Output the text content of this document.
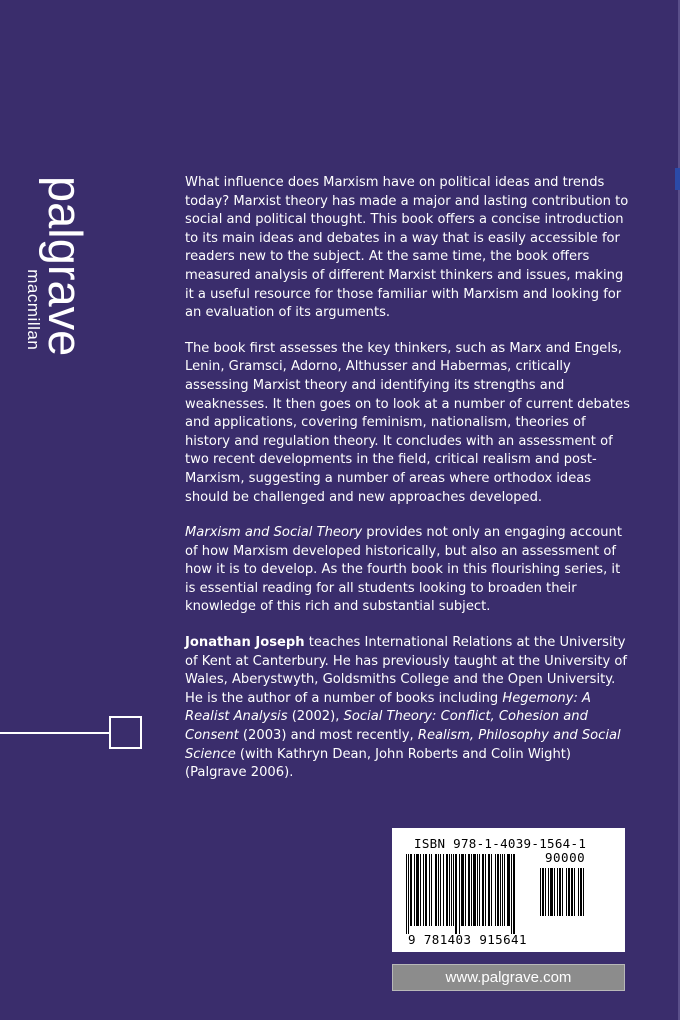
palgrave
macmillan

What influence does Marxism have on political ideas and trends today? Marxist theory has made a major and lasting contribution to social and political thought. This book offers a concise introduction to its main ideas and debates in a way that is easily accessible for readers new to the subject. At the same time, the book offers measured analysis of different Marxist thinkers and issues, making it a useful resource for those familiar with Marxism and looking for an evaluation of its arguments.

The book first assesses the key thinkers, such as Marx and Engels, Lenin, Gramsci, Adorno, Althusser and Habermas, critically assessing Marxist theory and identifying its strengths and weaknesses. It then goes on to look at a number of current debates and applications, covering feminism, nationalism, theories of history and regulation theory. It concludes with an assessment of two recent developments in the field, critical realism and post-Marxism, suggesting a number of areas where orthodox ideas should be challenged and new approaches developed.

Marxism and Social Theory provides not only an engaging account of how Marxism developed historically, but also an assessment of how it is to develop. As the fourth book in this flourishing series, it is essential reading for all students looking to broaden their knowledge of this rich and substantial subject.

Jonathan Joseph teaches International Relations at the University of Kent at Canterbury. He has previously taught at the University of Wales, Aberystwyth, Goldsmiths College and the Open University. He is the author of a number of books including Hegemony: A Realist Analysis (2002), Social Theory: Conflict, Cohesion and Consent (2003) and most recently, Realism, Philosophy and Social Science (with Kathryn Dean, John Roberts and Colin Wight) (Palgrave 2006).

ISBN 978-1-4039-1564-1
90000
9 781403 915641
www.palgrave.com
